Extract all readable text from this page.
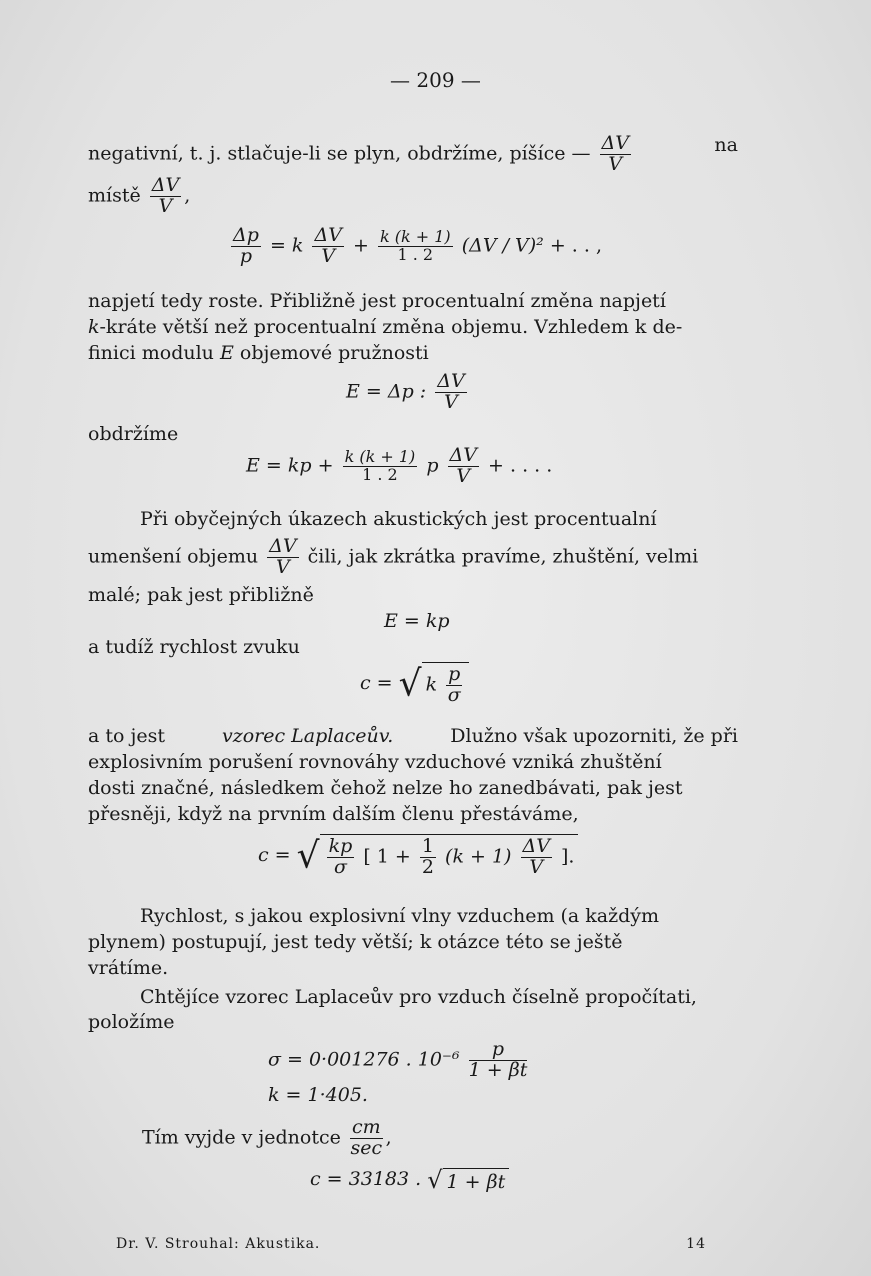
— 209 —
negativní, t. j. stlačuje-li se plyn, obdržíme, píšíce — $\frac{\Delta V}{V}$	na
místě $\frac{\Delta V}{V}$ ,
$\frac{\Delta p}{p} = k \frac{\Delta V}{V} + \frac{k (k + 1)}{1 . 2} (\Delta V / V)^2$ + . . ,
napjetí tedy roste. Přibližně jest procentualní změna napjetí
k-kráte větší než procentualní změna objemu. Vzhledem k de-
finici modulu E objemové pružnosti
E = Δp : $\frac{\Delta V}{V}$
obdržíme
E = kp + $\frac{k (k + 1)}{1 . 2}$ p $\frac{\Delta V}{V}$ + . . . .
Při obyčejných úkazech akustických jest procentualní
umenšení objemu $\frac{\Delta V}{V}$ čili, jak zkrátka pravíme, zhuštění, velmi
malé; pak jest přibližně
E = kp
a tudíž rychlost zvuku
c = √ k $\frac{p}{\sigma}$
a to jest	vzorec Laplaceův.	Dlužno však upozorniti, že při
explosivním porušení rovnováhy vzduchové vzniká zhuštění
dosti značné, následkem čehož nelze ho zanedbávati, pak jest
přesněji, když na prvním dalším členu přestáváme,
c = √ $\frac{kp}{\sigma}$ [ $1 + \frac{1}{2} (k + 1) \frac{\Delta V}{V}$ ].
Rychlost, s jakou explosivní vlny vzduchem (a každým
plynem) postupují, jest tedy větší; k otázce této se ještě
vrátíme.
Chtějíce vzorec Laplaceův pro vzduch číselně propočítati,
položíme
σ = 0·001276 . $10^{-6} \frac{p}{1 + \beta t}$
k = 1·405.
Tím vyjde v jednotce cm
sec ,
c = 33183 . √ 1 + βt
Dr. V. Strouhal: Akustika.	14
